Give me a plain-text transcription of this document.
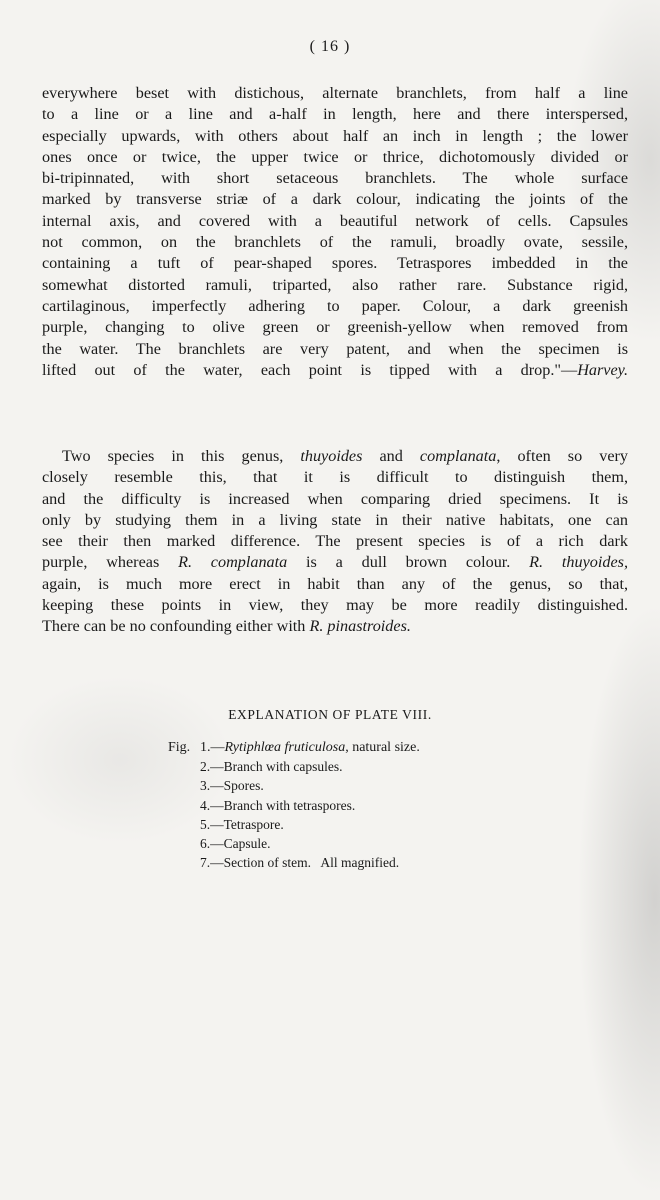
( 16 )

everywhere beset with distichous, alternate branchlets, from half a line
to a line or a line and a-half in length, here and there interspersed,
especially upwards, with others about half an inch in length ; the lower
ones once or twice, the upper twice or thrice, dichotomously divided or
bi-tripinnated, with short setaceous branchlets. The whole surface
marked by transverse striæ of a dark colour, indicating the joints of the
internal axis, and covered with a beautiful network of cells. Capsules
not common, on the branchlets of the ramuli, broadly ovate, sessile,
containing a tuft of pear-shaped spores. Tetraspores imbedded in the
somewhat distorted ramuli, triparted, also rather rare. Substance rigid,
cartilaginous, imperfectly adhering to paper. Colour, a dark greenish
purple, changing to olive green or greenish-yellow when removed from
the water. The branchlets are very patent, and when the specimen is
lifted out of the water, each point is tipped with a drop."—Harvey.

Two species in this genus, thuyoides and complanata, often so very
closely resemble this, that it is difficult to distinguish them,
and the difficulty is increased when comparing dried specimens. It is
only by studying them in a living state in their native habitats, one can
see their then marked difference. The present species is of a rich dark
purple, whereas R. complanata is a dull brown colour. R. thuyoides,
again, is much more erect in habit than any of the genus, so that,
keeping these points in view, they may be more readily distinguished.
There can be no confounding either with R. pinastroides.

EXPLANATION OF PLATE VIII.
Fig. 1.—Rytiphlœa fruticulosa, natural size.
2.—Branch with capsules.
3.—Spores.
4.—Branch with tetraspores.
5.—Tetraspore.
6.—Capsule.
7.—Section of stem.   All magnified.
